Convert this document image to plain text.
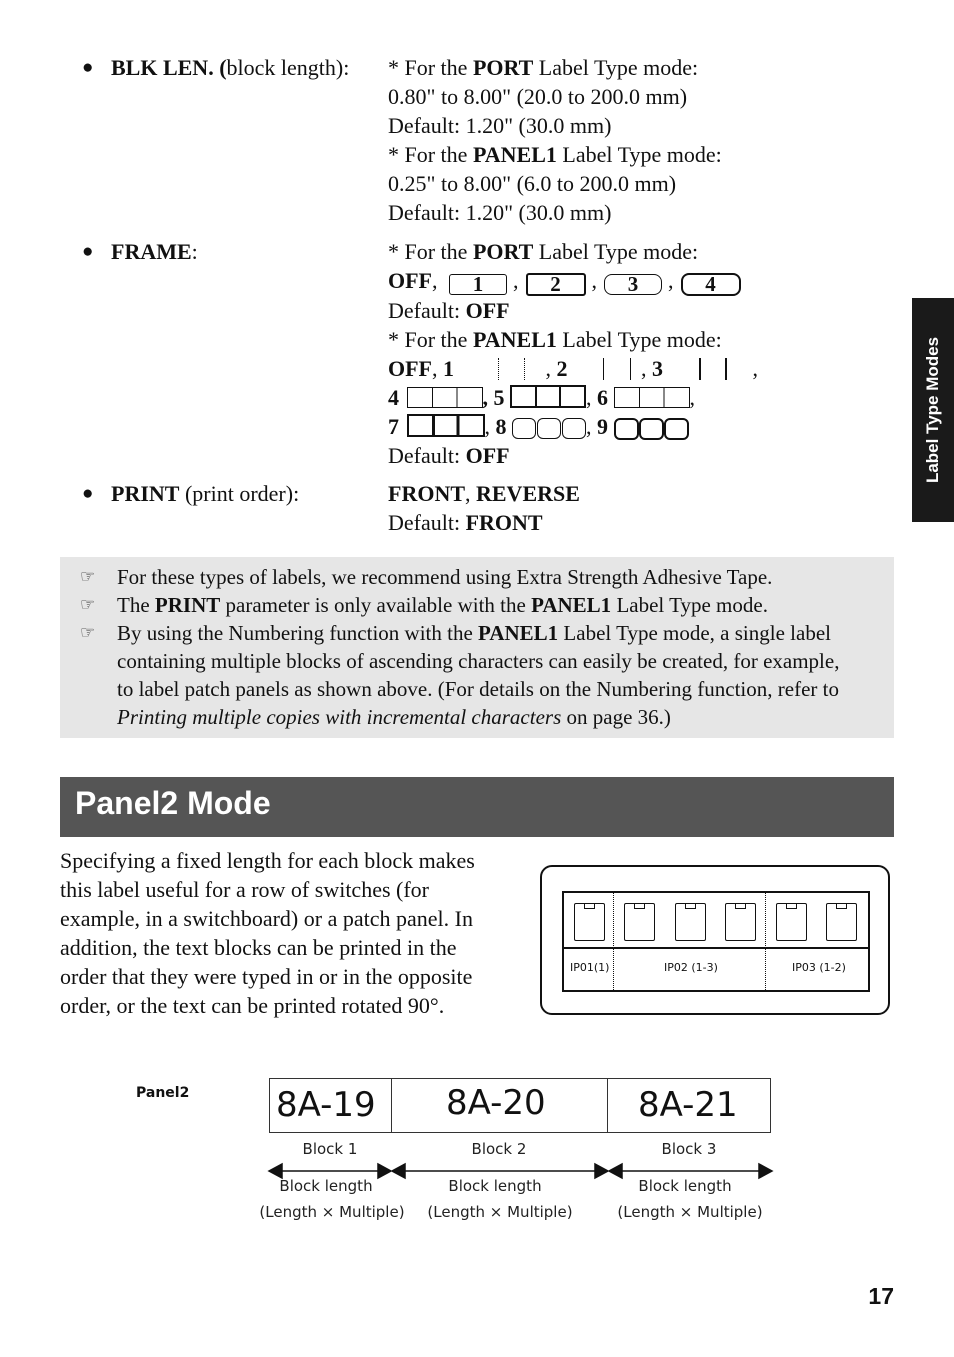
● BLK LEN. (block length): * For the PORT Label Type mode:
0.80" to 8.00" (20.0 to 200.0 mm)
Default: 1.20" (30.0 mm)
* For the PANEL1 Label Type mode:
0.25" to 8.00" (6.0 to 200.0 mm)
Default: 1.20" (30.0 mm)
● FRAME:	* For the PORT Label Type mode:
OFF, 1 , 2 , 3 , 4
Default: OFF
* For the PANEL1 Label Type mode:
OFF, 1	, 2	, 3	,
4	, 5	, 6	,
7	, 8	, 9

Default: OFF
● PRINT (print order):	FRONT, REVERSE
Default: FRONT
☞ For these types of labels, we recommend using Extra Strength Adhesive Tape.
☞ The PRINT parameter is only available with the PANEL1 Label Type mode.
☞ By using the Numbering function with the PANEL1 Label Type mode, a single label
containing multiple blocks of ascending characters can easily be created, for example,
to label patch panels as shown above. (For details on the Numbering function, refer to
Printing multiple copies with incremental characters on page 36.)
Panel2 Mode
Specifying a fixed length for each block makes
this label useful for a row of switches (for
example, in a switchboard) or a patch panel. In
addition, the text blocks can be printed in the
order that they were typed in or in the opposite
order, or the text can be printed rotated 90°.
IP01(1)	IP02 (1-3)	IP03 (1-2)
Panel2	8A-19 8A-20	8A-21
Block 1	Block 2	Block 3
Block length
(Length × Multiple)
Block length
(Length × Multiple)
Block length
(Length × Multiple)
Label Type Modes
17
